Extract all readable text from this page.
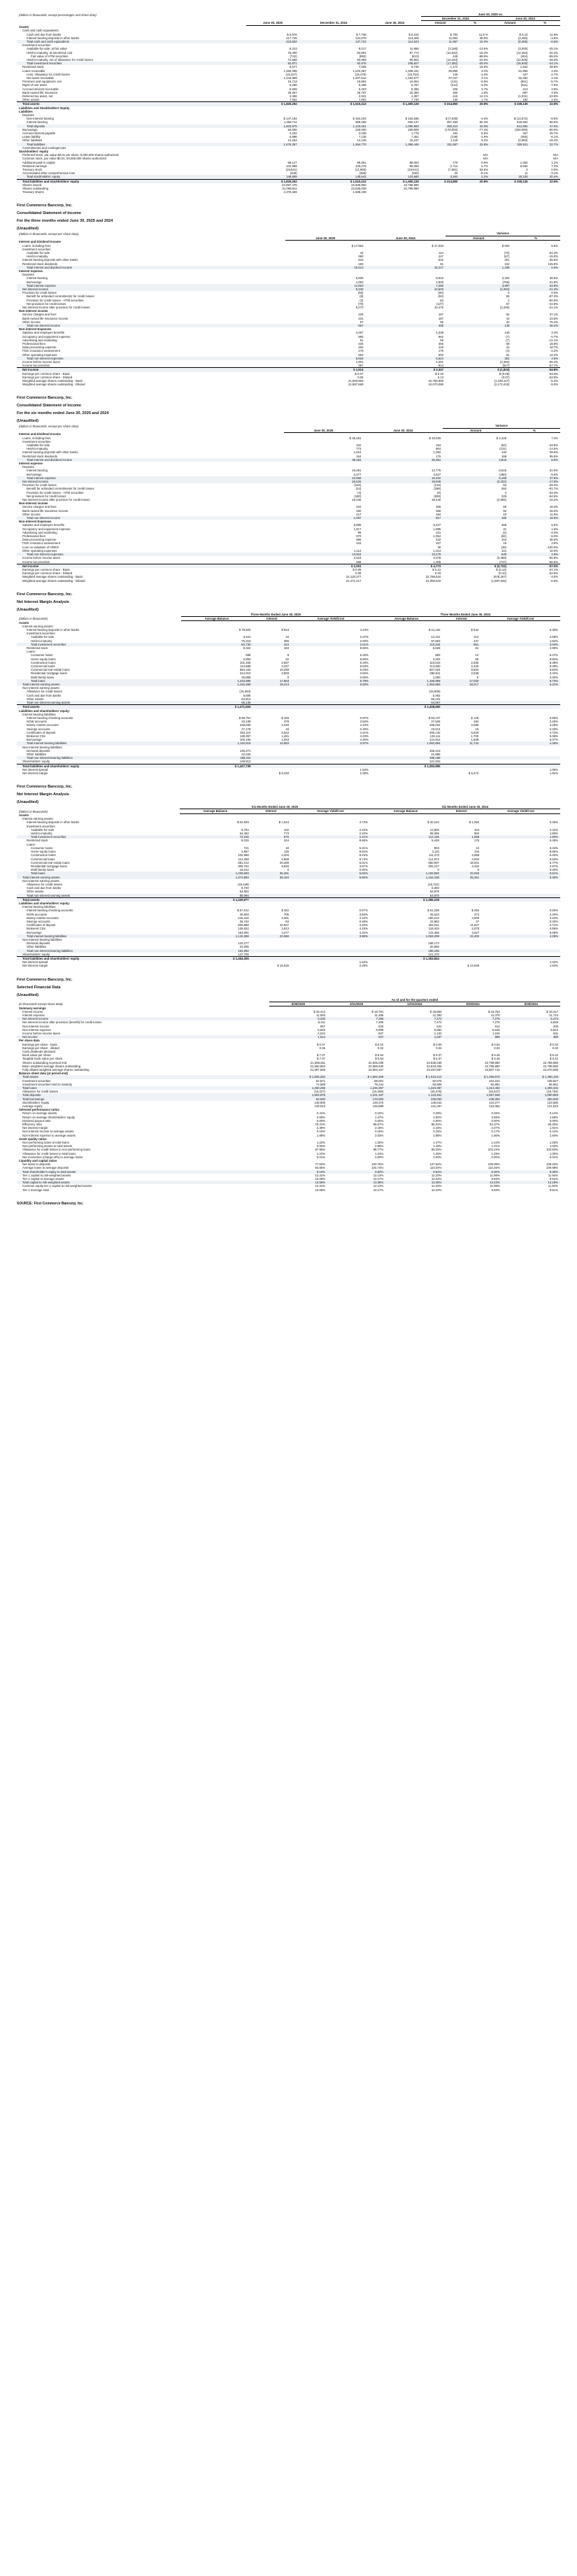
(dollars in thousands, except percentages and share data)				June 30, 2025 vs.			
				December 31, 2024		June 30, 2024	
	June 30, 2025	December 31, 2024	June 30, 2024	Amount	%	Amount	%
Assets							
Cash and cash equivalents							
Cash and due from banks	$ 5,876	$ 7,706	$ 5,102	$ 783	11.9 %	$ 5,10	11.6%
Interest bearing deposits in other banks	417,726	131,975	113,406	11,893	36.8%	(3,460)	-3.5%
Total cash and cash equivalents	423,602	137,724	114,523	11,887	10.3%	(8,255)	-6.6%
Investment securities							
Available-for-sale, at fair value	8,313	9,017	11,966	(3,198)	-13.6%	(3,000)	-25.1%
Held-to-maturity, at amortized cost	75,300	84,851	97,774	(14,632)	-15.4%	(12,464)	-20.4%
Fair value of HTM securities	(742)	(892)	(813)	448	-88.6%	(464)	-99.4%
Held-to-maturity, net of allowance for credit losses	74,558	83,959	96,961	(14,184)	-24.9%	(12,928)	-28.3%
Total investment securities	82,871	92,976	108,927	(17,382)	-25.0%	(15,928)	-24.1%
Restricted stock	8,677	7,505	6,735	1,172	15.6%	1,942	28.8%
Loans receivable	1,260,286	1,223,387	1,208,431	36,899	3.0%	51,855	4.3%
Less: Allowance for credit losses	(15,327)	(15,475)	(15,754)	148	-1.0%	427	-2.7%
Net loans receivable	1,244,959	1,207,912	1,192,677	37,047	3.1%	52,282	4.4%
Premises and equipment, net	15,713	15,854	16,654	(141)	-0.9%	(941)	-5.7%
Right-of-use asset	6,286	6,498	6,797	(212)	-3.3%	(511)	-7.5%
Accrued interest receivable	5,609	5,403	5,396	206	3.7%	213	3.9%
Bank-owned life insurance	26,257	25,797	25,360	460	1.8%	897	3.5%
Deferred tax asset, net	3,356	2,941	4,387	415	14.1%	(1,031)	-23.5%
Other assets	7,932	7,802	7,740	130	1.7%	192	2.5%
Total assets	$ 1,825,262	$ 1,510,412	$ 1,490,126	$ 314,850	20.8%	$ 335,136	22.5%
Liabilities and Stockholders' Equity							
Liabilities							
Deposits							
Non-interest bearing	$ 147,164	$ 154,203	$ 160,836	$ (7,039)	-4.6%	$ (13,672)	-8.5%
Interest bearing	1,456,711	969,258	930,147	487,453	50.3%	526,564	56.6%
Total deposits	1,603,875	1,123,461	1,090,983	480,414	42.8%	512,892	47.0%
Borrowings	50,000	220,000	250,000	(170,000)	-77.3%	(200,000)	-80.0%
Accrued interest payable	2,232	2,038	1,775	194	9.5%	457	25.7%
Lease liability	6,996	7,135	7,451	(139)	-1.9%	(455)	-6.1%
Other liabilities	13,254	12,136	16,237	1,118	9.2%	(2,983)	-18.4%
Total liabilities	1,676,357	1,364,770	1,366,446	311,587	22.8%	309,911	22.7%
Commitments and contingencies							
Stockholders' equity							
Preferred stock, par value $0.01 per share; 5,000,000 shares authorized					N/A		N/A
Common stock, par value $0.01; 50,000,000 shares authorized					N/A		N/A
Additional paid-in capital	89,127	88,351	88,063	776	0.9%	1,064	1.2%
Retained earnings	102,989	100,275	96,055	2,714	2.7%	6,934	7.2%
Treasury stock	(19,541)	(11,950)	(19,541)	(7,591)	63.5%	0	0.0%
Accumulated other comprehensive loss	(339)	(369)	(350)	30	-8.1%	11	-3.1%
Total stockholders' equity	148,905	145,642	123,680	3,263	2.2%	25,225	20.4%
Total liabilities and stockholders' equity	$ 1,825,262	$ 1,510,412	$ 1,490,126	$ 314,850	20.8%	$ 335,136	22.5%
Shares issued	22,887,475	22,836,950	22,798,990				
Shares outstanding	21,068,811	22,835,039	22,798,990				
Treasury shares	2,378,469	1,508,435					
First Commerce Bancorp, Inc.
Consolidated Statement of Income
For the three months ended June 30, 2025 and 2024
(Unaudited)
(dollars in thousands, except per share data)			Variance	
	June 30, 2025	June 30, 2024	Amount	%
Interest and Dividend Income				
Loans, including fees	$ 17,963	$ 17,033	$ 930	5.5%
Investment securities				
Available-for-sale	44	114	(70)	-61.4%
Held-to-maturity	380	447	(67)	-15.0%
Interest bearing deposits with other banks	843	542	301	55.5%
Restricted stock dividends	183	81	102	125.9%
Total interest and dividend income	19,413	18,217	1,196	6.6%
Interest expense				
Deposits				
Interest bearing	6,829	8,616	3,404	39.5%
Borrowings	1,063	1,828	(765)	-41.8%
Total interest expense	11,920	7,280	3,997	54.9%
Net interest income	8,340	10,603	(2,263)	-21.3%
Provision for credit losses	(60)	(60)	0	0.0%
Benefit for unfunded commitments for credit losses	(8)	(63)	55	-87.3%
Provision for credit losses - HTM securities	(2)	(4)	2	-50.0%
Net provision for credit losses	(70)	(127)	57	-44.9%
Net interest income after provision for credit losses	8,270	10,476	(2,206)	-21.1%
Non-interest income				
Service charges and fees	229	167	62	37.1%
Bank-owned life insurance income	231	187	44	23.5%
Other income	97	55	42	76.4%
Total non-interest income	557	409	148	36.2%
Non-interest Expenses				
Salaries and employee benefits	4,487	4,338	149	3.4%
Occupancy and equipment expense	955	962	(7)	-0.7%
Advertising and marketing	51	58	(7)	-12.1%
Professional fees	435	366	69	18.9%
Data processing expense	260	219	41	18.7%
FDIC insurance assessment	175	179	(4)	-2.2%
Other operating expenses	563	502	61	12.2%
Total non-interest expenses	6,926	6,624	302	4.6%
Income before income taxes	1,901	4,261	(2,360)	-55.4%
Income tax provision	387	914	(527)	-57.7%
Net income	$ 1,514	$ 3,347	$ (1,833)	-54.8%
Earnings per common share - Basic	$ 0.07	$ 0.15	$ (0.08)	-53.3%
Earnings per common share - Diluted	0.06	0.13	(0.07)	-53.8%
Weighted average shares outstanding - Basic	21,560,863	22,798,990	(1,238,127)	-5.4%
Weighted average shares outstanding - Diluted	21,897,669	24,070,085	(2,172,416)	-9.0%
First Commerce Bancorp, Inc.
Consolidated Statement of Income
For the six months ended June 30, 2025 and 2024
(Unaudited)
(dollars in thousands, except per share data)			Variance	
	June 30, 2025	June 30, 2024	Amount	%
Interest and Dividend Income				
Loans, including fees	$ 35,451	$ 33,025	$ 2,426	7.3%
Investment securities				
Available-for-sale	102	154	(52)	-33.8%
Held-to-maturity	773	904	(131)	-14.5%
Interest bearing deposits with other banks	1,524	1,092	432	39.6%
Restricted stock dividends	344	176	168	95.5%
Total interest and dividend income	38,194	35,351	2,843	8.0%
Interest expense				
Deposits				
Interest bearing	19,291	12,775	6,516	51.0%
Borrowings	3,277	3,627	(350)	-9.6%
Total interest expense	22,568	16,402	6,166	37.6%
Net interest income	15,626	18,949	(3,323)	-17.5%
Provision for credit losses	(152)	(215)	63	-29.3%
Benefit for unfunded commitments for credit losses	(24)	(288)	264	-91.7%
Provision for credit losses - HTM securities	(4)	(6)	2	-33.3%
Net provision for credit losses	(180)	(509)	329	-64.6%
Net interest income after provision for credit losses	15,446	18,440	(2,994)	-16.2%
Non-interest income				
Service charges and fees	420	355	65	18.3%
Bank-owned life insurance income	460	368	92	25.0%
Other income	217	194	23	11.9%
Total non-interest income	1,097	917	180	19.6%
Non-interest Expenses				
Salaries and employee benefits	8,895	8,427	468	5.6%
Occupancy and equipment expense	1,917	1,886	31	1.6%
Advertising and marketing	99	101	(2)	-2.0%
Professional fees	970	1,054	(84)	-8.0%
Data processing expense	586	432	154	35.6%
FDIC insurance assessment	343	327	16	4.9%
Loss on valuation of OREO		39	(39)	-100.0%
Other operating expenses	1,114	1,013	101	10.0%
Total non-interest expenses	13,924	13,279	645	4.9%
Income before income taxes	2,619	6,078	(3,459)	-56.9%
Income tax provision	568	1,305	(737)	-56.5%
Net income	$ 2,051	$ 4,773	$ (2,722)	-57.0%
Earnings per common share - Basic	$ 0.09	$ 0.21	$ (0.12)	-57.1%
Earnings per common share - Diluted	0.09	0.19	(0.10)	-52.6%
Weighted average shares outstanding - Basic	22,120,377	22,798,634	(678,257)	-3.0%
Weighted average shares outstanding - Diluted	22,471,417	24,068,943	(1,597,526)	-6.6%
First Commerce Bancorp, Inc.
Net Interest Margin Analysis
(Unaudited)
	Three Months Ended June 30, 2025			Three Months Ended June 30, 2024		
(dollars in thousands)	Average Balance	Interest	Average Yield/Cost	Average Balance	Interest	Average Yield/Cost
Assets						
Interest earning assets:						
Interest bearing deposits in other banks	$ 79,820	$ 843	4.24%	$ 41,152	$ 542	5.30%
Investment securities:						
Available-for-sale	8,511	44	2.07%	12,441	114	3.69%
Held-to-maturity	76,219	380	2.00%	97,903	447	1.84%
Total investment securities	84,730	424	2.01%	110,344	561	2.04%
Restricted stock	8,322	183	8.82%	6,528	81	4.99%
Loans:						
Consumer loans	688	9	5.25%	883	12	5.47%
Home equity loans	2,893	62	8.60%	3,102	68	8.82%
Construction loans	101,405	2,097	8.29%	110,619	2,306	8.38%
Commercial loans	114,588	2,437	8.53%	114,830	2,425	8.49%
Commercial real estate loans	684,154	10,289	6.03%	667,024	9,684	5.84%
Residential mortgage loans	314,010	3,069	3.92%	298,511	2,538	3.42%
Multi-family loans	25,858	0	0.00%	1,000	0	0.00%
Total loans	1,243,596	17,963	5.79%	1,195,969	17,033	5.73%
Total interest earning assets	1,416,468	19,413	5.50%	1,353,993	18,217	5.41%
Non-interest earning assets:						
Allowance for credit losses	(15,384)			(15,906)		
Cash and due from banks	5,606			5,462		
Other assets	64,913			65,101		
Total non-interest earning assets	55,135			54,657		
Total assets	$ 1,471,603			$ 1,408,650		
Liabilities and shareholders' equity:						
Interest bearing liabilities:						
Interest bearing checking accounts	$ 68,751	$ 166	0.97%	$ 60,137	$ 128	0.86%
NOW accounts	43,138	378	3.52%	27,526	154	2.25%
Money market accounts	228,836	2,340	4.10%	196,022	2,086	4.28%
Savings accounts	27,178	33	0.49%	23,014	19	0.33%
Certificates of deposit	504,110	5,542	4.41%	496,132	5,829	4.73%
Brokered CDs	138,397	1,461	4.23%	135,111	1,700	5.06%
Borrowings	100,105	1,063	4.26%	144,912	1,828	5.07%
Total interest bearing liabilities	1,110,515	10,983	3.97%	1,082,854	11,744	4.36%
Non-interest bearing liabilities:						
Demand deposits	146,271			166,213		
Other liabilities	22,040			21,985		
Total non-interest bearing liabilities	168,311			188,198		
Shareholders' equity	148,913			121,943		
Total liabilities and shareholders' equity	$ 1,427,739			$ 1,392,995		
Net interest spread			1.53%			1.05%
Net interest margin		$ 8,430	2.39%		$ 6,473	1.91%
First Commerce Bancorp, Inc.
Net Interest Margin Analysis
(Unaudited)
	Six Months Ended June 30, 2025			Six Months Ended June 30, 2024		
(dollars in thousands)	Average Balance	Interest	Average Yield/Cost	Average Balance	Interest	Average Yield/Cost
Assets						
Interest earning assets:						
Interest bearing deposits in other banks	$ 64,929	$ 1,524	4.73%	$ 40,243	$ 1,092	5.46%
Investment securities:						
Available-for-sale	8,784	102	2.34%	12,800	154	2.42%
Held-to-maturity	64,462	773	2.42%	99,355	904	1.83%
Total investment securities	73,246	875	2.41%	112,155	1,058	1.90%
Restricted stock	8,015	344	8.66%	6,448	176	5.49%
Loans:						
Consumer loans	721	19	5.31%	903	24	5.34%
Home equity loans	2,957	125	8.52%	3,110	134	8.66%
Construction loans	102,958	4,204	8.23%	111,473	4,658	8.40%
Commercial loans	112,269	4,868	8.74%	114,972	4,934	8.63%
Commercial real estate loans	681,012	20,289	6.01%	660,007	18,941	5.77%
Residential mortgage loans	309,764	5,946	3.87%	293,127	4,334	2.97%
Multi-family loans	19,012	0	0.00%	0	0	0.00%
Total loans	1,228,693	35,451	5.82%	1,183,592	33,025	5.61%
Total interest earning assets	1,374,883	38,194	5.60%	1,342,438	35,351	5.30%
Non-interest earning assets:						
Allowance for credit losses	(15,448)			(15,702)		
Cash and due from banks	5,740			5,393		
Other assets	64,802			63,979		
Total non-interest earning assets	55,094			53,670		
Total assets	$ 1,429,977			$ 1,396,108		
Liabilities and shareholders' equity:						
Interest bearing liabilities:						
Interest bearing checking accounts	$ 67,012	$ 322	0.97%	$ 61,239	$ 253	0.83%
NOW accounts	40,603	705	3.50%	25,023	274	2.20%
Money market accounts	218,310	4,461	4.12%	190,212	4,006	4.24%
Savings accounts	26,742	63	0.48%	22,863	37	0.33%
Certificates of deposit	500,888	10,927	4.40%	492,011	11,527	4.71%
Brokered CDs	135,622	2,813	4.18%	118,404	2,678	4.55%
Borrowings	153,091	3,277	4.32%	143,456	3,627	5.08%
Total interest bearing liabilities	1,142,268	22,568	3.98%	1,053,208	22,402	4.28%
Non-interest bearing liabilities:						
Demand deposits	142,277			168,173		
Other liabilities	22,005			20,993		
Total non-interest bearing liabilities	164,282			189,166		
Shareholders' equity	147,755			121,470		
Total liabilities and shareholders' equity	$ 1,454,305			$ 1,363,844		
Net interest spread			1.62%			1.02%
Net interest margin		$ 15,626	2.29%		$ 12,949	1.94%
First Commerce Bancorp, Inc.
Selected Financial Data
(Unaudited)
	As of and for the quarters ended				
(in thousands except share data)	6/30/2025	3/31/2025	12/31/2024	9/30/2024	6/30/2024
Summary earnings					
Interest income	$ 19,413	$ 18,781	$ 18,855	$ 18,753	$ 18,217
Interest expense	11,083	11,485	11,383	11,478	11,744
Net interest income	8,330	7,296	7,472	7,275	6,473
Net interest income after provision (benefit) for credit losses	8,411	7,305	7,472	7,275	6,846
Non-interest income	557	540	542	614	409
Non-interest expense	6,926	6,998	6,882	6,645	6,624
Income before income taxes	2,042	847	1,132	1,244	631
Net income	1,514	537	1,037	955	480
Per share data					
Earnings per share - basic	$ 0.07	$ 0.02	$ 0.05	$ 0.04	$ 0.02
Earnings per share - diluted	0.06	0.02	0.04	0.04	0.02
Cash dividends declared					
Book value per share	$ 7.07	$ 6.54	$ 6.37	$ 5.45	$ 5.42
Tangible book value per share	$ 7.07	$ 6.54	$ 6.37	$ 5.45	$ 5.42
Shares outstanding at period end	21,068,811	22,835,039	22,835,039	22,798,990	22,798,990
Basic weighted average shares outstanding	21,560,863	22,685,940	22,819,306	22,798,990	22,798,990
Fully diluted weighted average shares outstanding	21,897,669	23,053,157	23,257,897	23,987,715	24,070,085
Balance sheet data (at period end)					
Total assets	$ 1,825,262	$ 1,552,459	$ 1,510,412	$ 1,496,672	$ 1,490,126
Investment securities	82,871	88,001	92,976	104,224	108,927
Investment securities held to maturity	74,558	79,244	83,959	92,891	96,961
Total loans	1,260,286	1,246,357	1,223,387	1,213,402	1,208,431
Allowance for credit losses	(15,327)	(15,408)	(15,475)	(15,647)	(15,754)
Total deposits	1,603,875	1,221,187	1,123,461	1,097,948	1,090,983
Total borrowings	50,000	170,000	220,000	245,000	250,000
Stockholders' equity	148,905	149,370	145,642	124,277	123,680
Average equity	148,913	146,589	141,297	124,052	121,943
Selected performance ratios					
Return on average assets	0.41%	0.15%	0.28%	0.26%	0.14%
Return on average shareholders' equity	4.08%	1.47%	2.92%	3.06%	1.58%
Dividend payout ratio	0.00%	0.00%	0.00%	0.00%	0.00%
Efficiency ratio	78.41%	86.67%	86.04%	84.37%	96.25%
Net interest margin	2.39%	2.18%	2.16%	2.07%	1.91%
Non-interest income to average assets	0.15%	0.15%	0.15%	0.17%	0.12%
Non-interest expense to average assets	1.89%	2.03%	1.88%	1.80%	1.94%
Asset quality ratios					
Non-performing loans to total loans	1.22%	1.20%	1.47%	1.24%	1.26%
Non-performing assets to total assets	0.84%	0.96%	1.19%	1.01%	1.02%
Allowance for credit losses to non-performing loans	97.95%	98.77%	86.25%	104.23%	103.84%
Allowance for credit losses to total loans	1.22%	1.24%	1.26%	1.29%	1.30%
Net recoveries (charge-offs) to average loans	0.01%	0.00%	0.00%	0.00%	0.01%
Liquidity and capital ratios					
Net loans to deposits	77.62%	100.76%	107.52%	109.08%	109.32%
Average loans to average deposits	93.85%	104.74%	110.04%	110.26%	109.98%
Total shareholder's equity to total assets	8.16%	9.62%	9.64%	8.30%	8.30%
Tier 1 capital to risk-weighted assets	12.31%	12.13%	12.20%	11.98%	11.94%
Tier 1 capital to average assets	10.08%	10.17%	10.24%	9.83%	9.51%
Total capital to risk-weighted assets	13.56%	13.38%	13.45%	13.23%	13.19%
Common equity tier 1 capital to risk-weighted assets	12.31%	12.13%	12.20%	11.98%	11.94%
Tier 1 leverage ratio	10.08%	10.17%	10.24%	9.83%	9.51%
SOURCE: First Commerce Bancorp, Inc.
